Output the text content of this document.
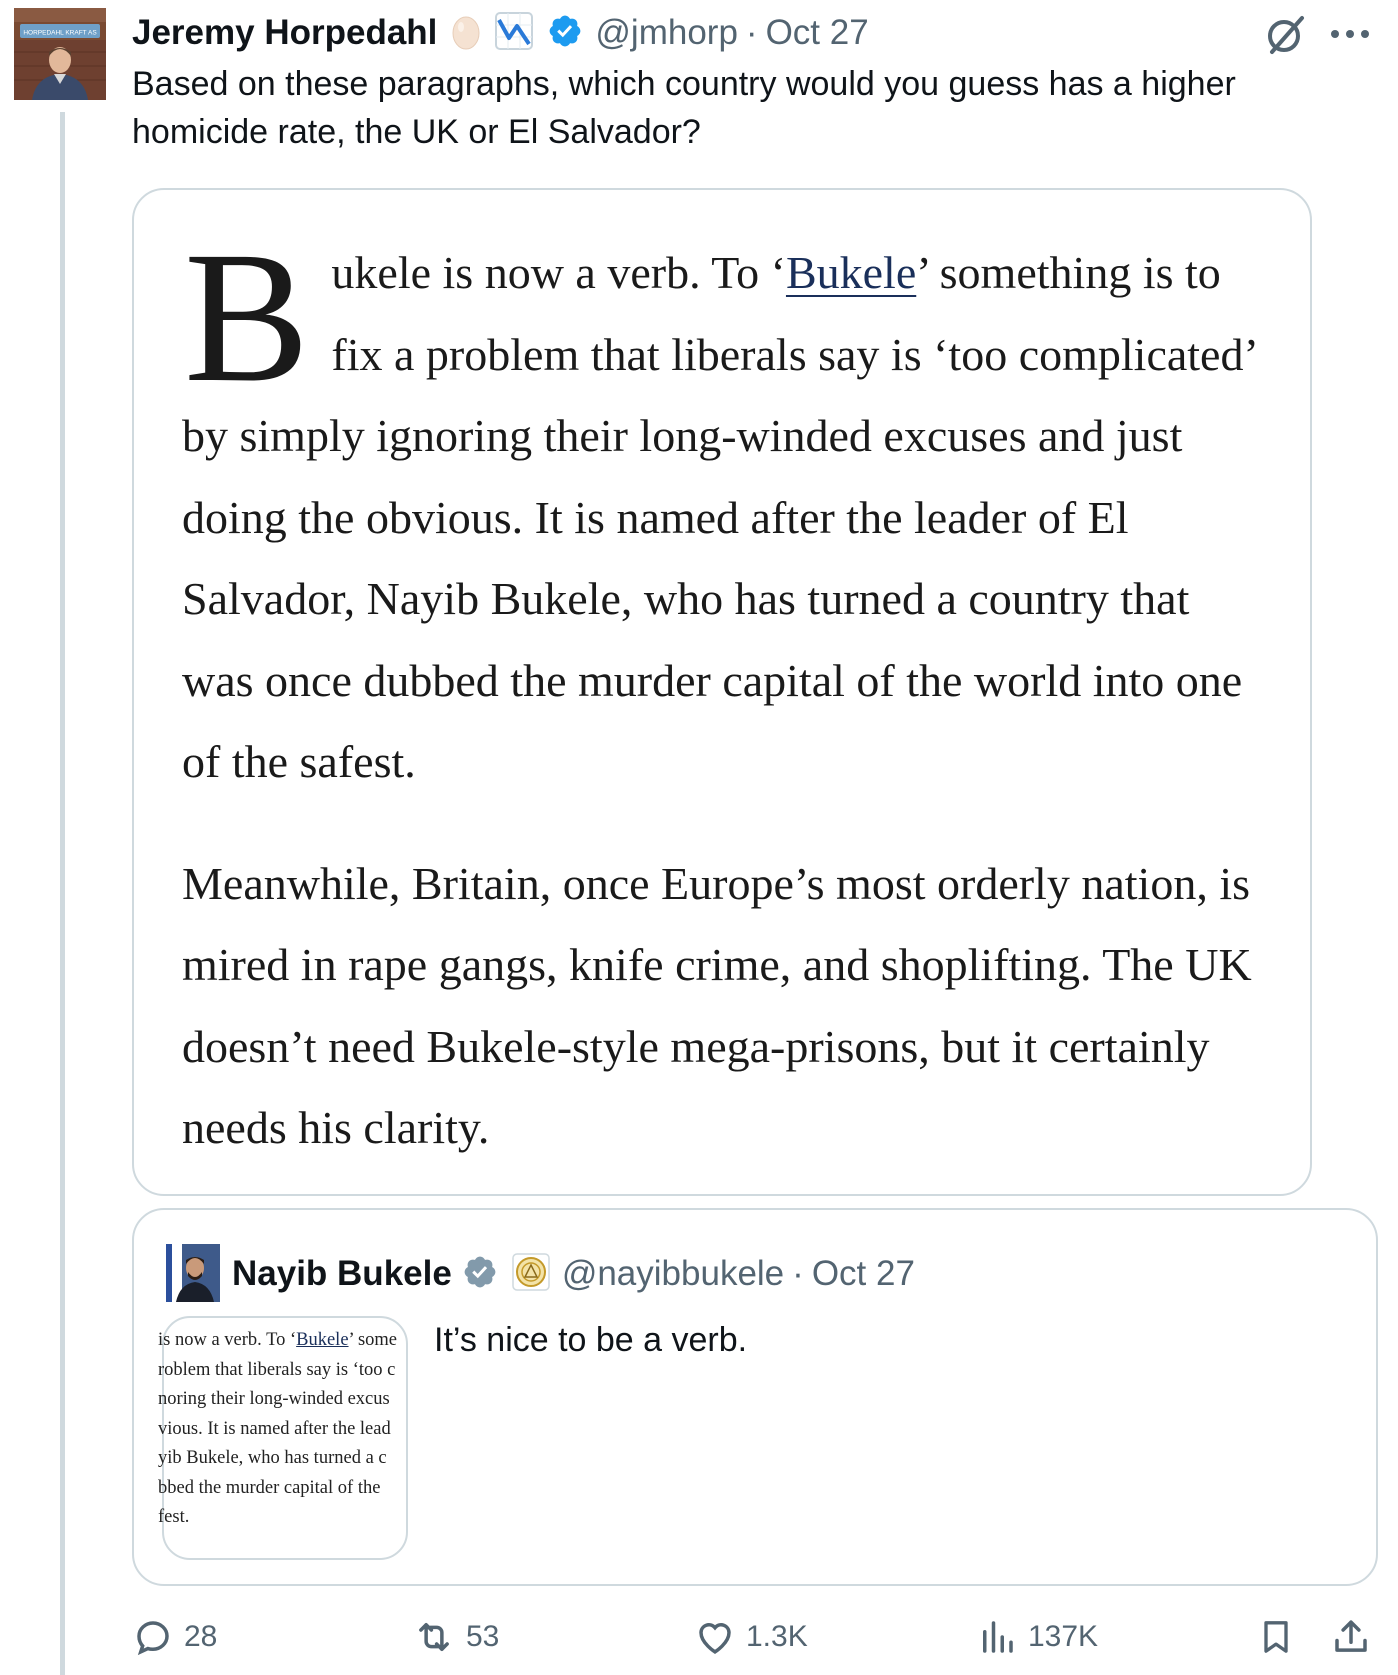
HORPEDAHL KRAFT AS Jeremy Horpedahl	@jmhorp · Oct 27
Based on these paragraphs, which country would you guess has a higher homicide rate, the UK or El Salvador?

Bukele is now a verb. To ‘Bukele’ something is to fix a problem that liberals say is ‘too complicated’ by simply ignoring their long-winded excuses and just doing the obvious. It is named after the leader of El Salvador, Nayib Bukele, who has turned a country that was once dubbed the murder capital of the world into one of the safest.

Meanwhile, Britain, once Europe’s most orderly nation, is mired in rape gangs, knife crime, and shoplifting. The UK doesn’t need Bukele-style mega-prisons, but it certainly needs his clarity.

Nayib Bukele	@nayibbukele · Oct 27
is now a verb. To ‘Bukele’ some
roblem that liberals say is ‘too c
noring their long-winded excus
vious. It is named after the lead
yib Bukele, who has turned a c
bbed the murder capital of the
fest.
It’s nice to be a verb.
28	53	1.3K	137K
